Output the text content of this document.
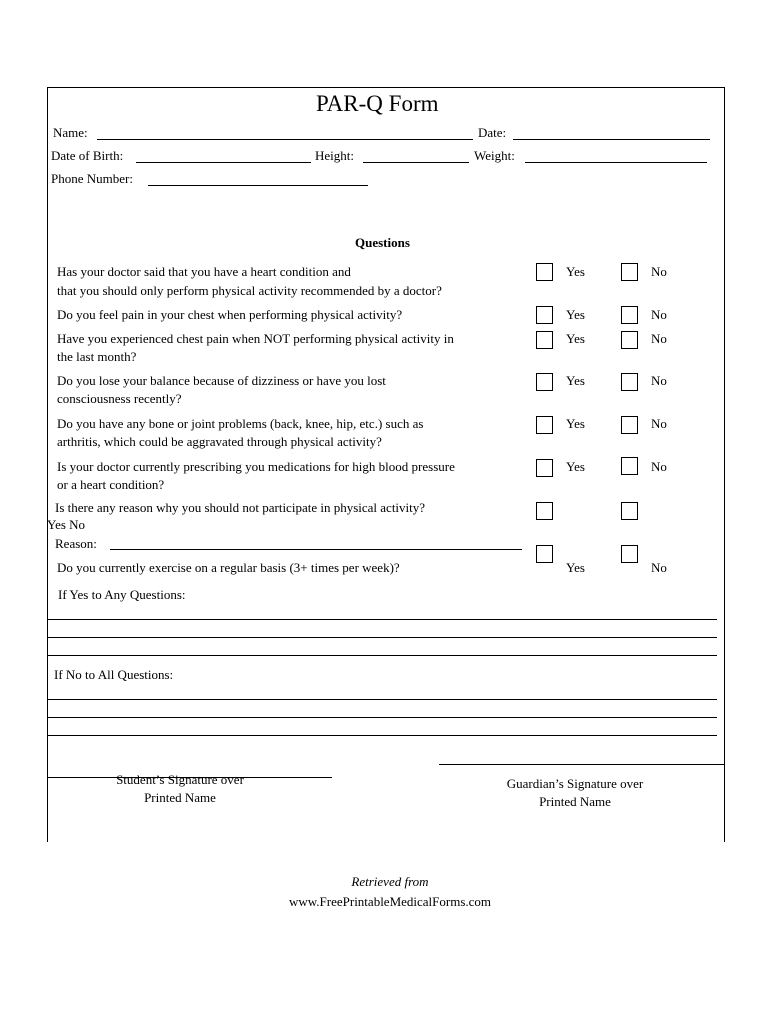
PAR-Q Form
Name:	Date:
Date of Birth:	Height:	Weight:
Phone Number:
Questions
Has your doctor said that you have a heart condition and
that you should only perform physical activity recommended by a doctor?
Yes	No
Do you feel pain in your chest when performing physical activity?	Yes	No
Have you experienced chest pain when NOT performing physical activity in
the last month?
Yes	No
Do you lose your balance because of dizziness or have you lost
consciousness recently?
Yes	No
Do you have any bone or joint problems (back, knee, hip, etc.) such as
arthritis, which could be aggravated through physical activity?
Yes	No
Is your doctor currently prescribing you medications for high blood pressure
or a heart condition?
Yes	No
Is there any reason why you should not participate in physical activity?
Yes No
Reason:
Do you currently exercise on a regular basis (3+ times per week)?	Yes	No
If Yes to Any Questions:
If No to All Questions:
Student’s Signature over
Printed Name
Guardian’s Signature over
Printed Name
Retrieved from
www.FreePrintableMedicalForms.com
